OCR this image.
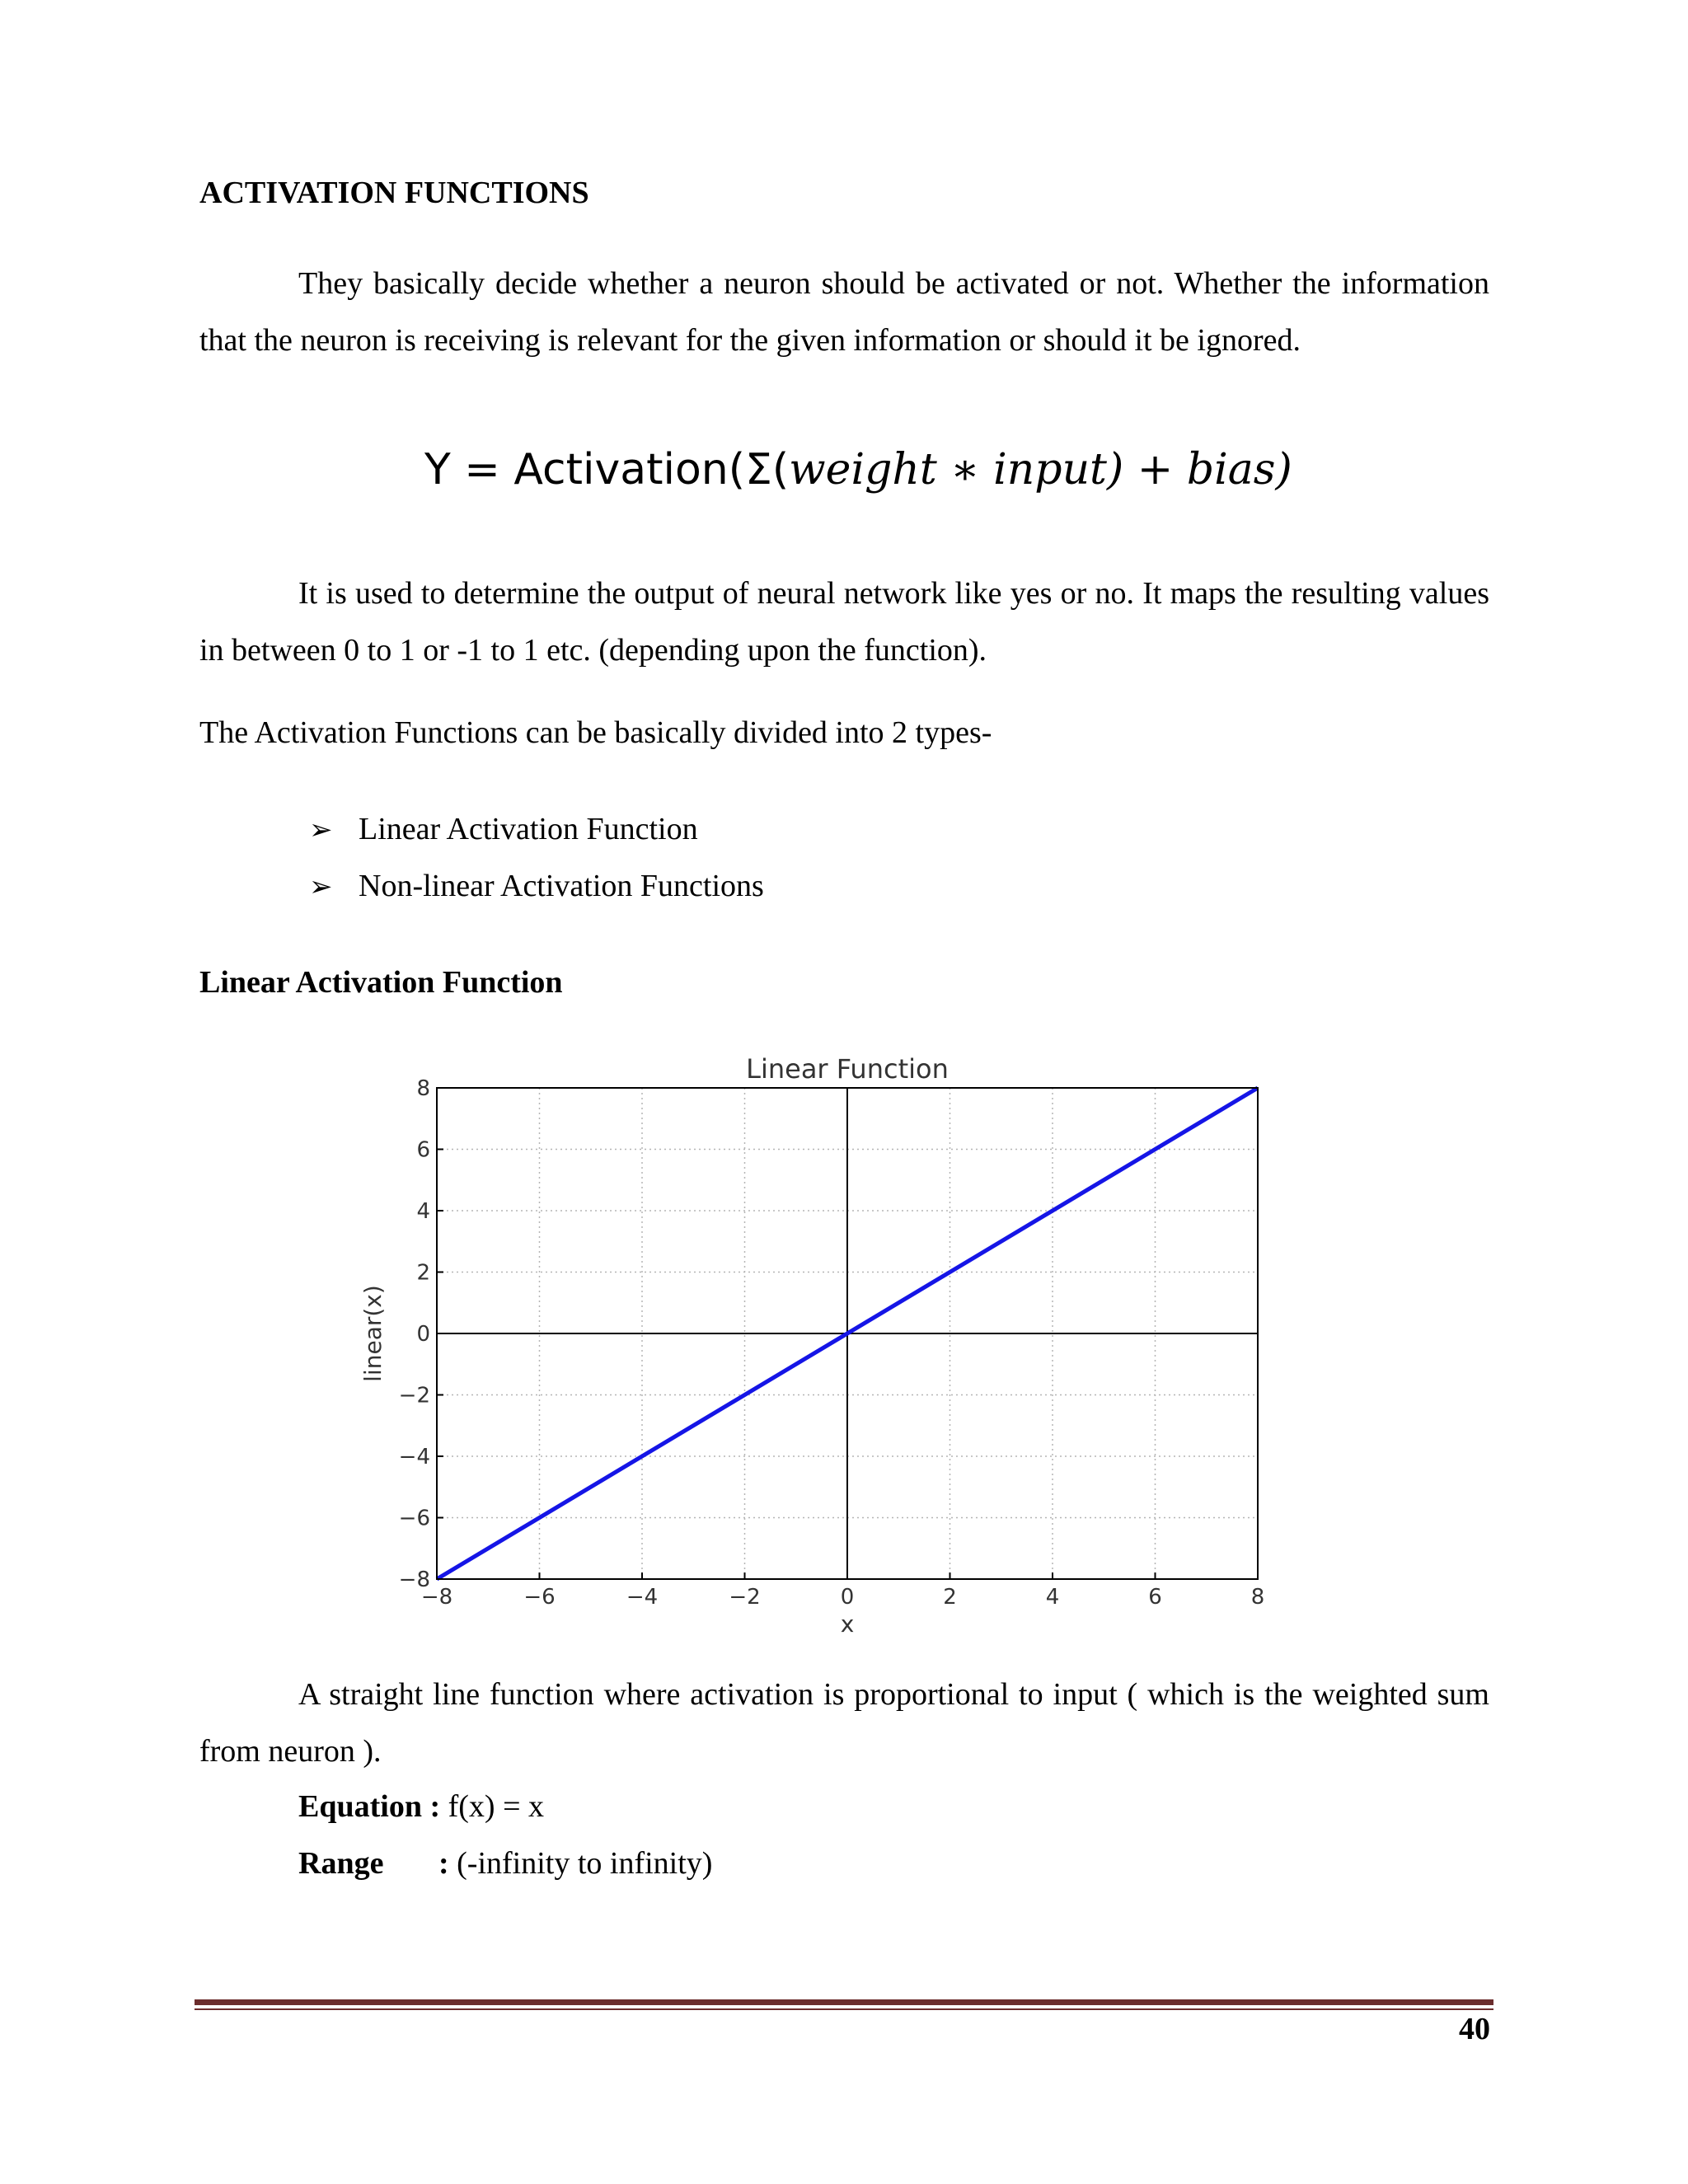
ACTIVATION FUNCTIONS

They basically decide whether a neuron should be activated or not. Whether the information that the neuron is receiving is relevant for the given information or should it be ignored.

Y = Activation(Σ(weight ∗ input) + bias)

It is used to determine the output of neural network like yes or no. It maps the resulting values in between 0 to 1 or -1 to 1 etc. (depending upon the function).

The Activation Functions can be basically divided into 2 types-
➢ Linear Activation Function
➢ Non-linear Activation Functions
Linear Activation Function
−8	−6	−4	−2	0	2	4	6	8
−8
−6
−4
−2
0
2
4
6
8
Linear Function
x
linear(x)

A straight line function where activation is proportional to input ( which is the weighted sum from neuron ).

Equation : f(x) = x
Range : (-infinity to infinity)
40
